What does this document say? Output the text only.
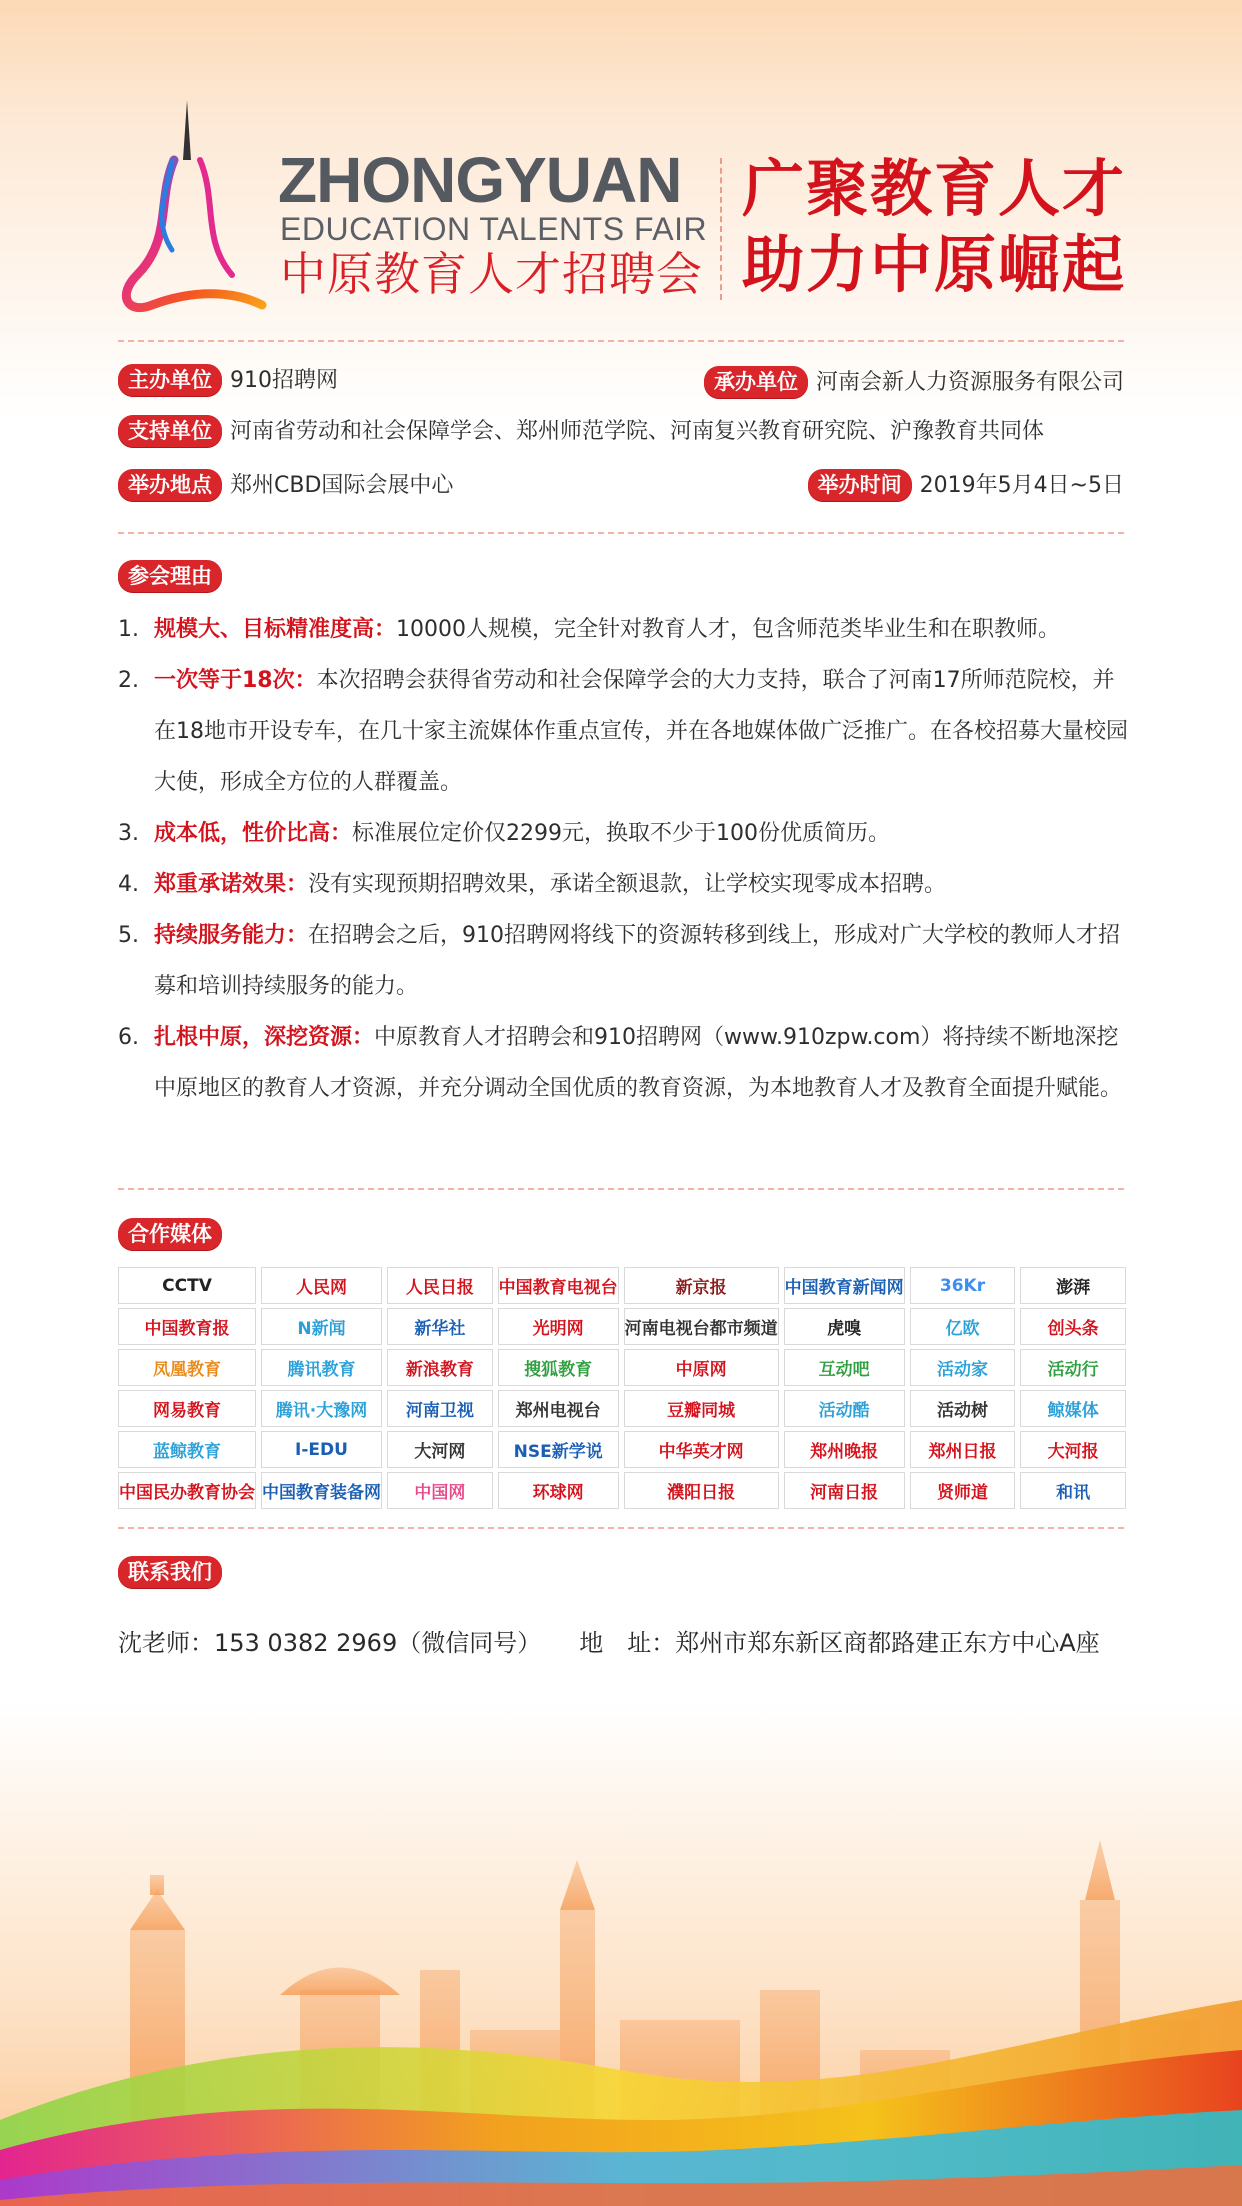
ZHONGYUAN
EDUCATION TALENTS FAIR
中原教育人才招聘会
广聚教育人才
助力中原崛起
主办单位 910招聘网	承办单位 河南会新人力资源服务有限公司
支持单位 河南省劳动和社会保障学会、郑州师范学院、河南复兴教育研究院、沪豫教育共同体
举办地点 郑州CBD国际会展中心	举办时间 2019年5月4日~5日
参会理由
1. 规模大、目标精准度高：10000人规模，完全针对教育人才，包含师范类毕业生和在职教师。
2. 一次等于18次：本次招聘会获得省劳动和社会保障学会的大力支持，联合了河南17所师范院校，并在18地市开设专车，在几十家主流媒体作重点宣传，并在各地媒体做广泛推广。在各校招募大量校园大使，形成全方位的人群覆盖。
3. 成本低，性价比高：标准展位定价仅2299元，换取不少于100份优质简历。
4. 郑重承诺效果：没有实现预期招聘效果，承诺全额退款，让学校实现零成本招聘。
5. 持续服务能力：在招聘会之后，910招聘网将线下的资源转移到线上，形成对广大学校的教师人才招募和培训持续服务的能力。
6. 扎根中原，深挖资源：中原教育人才招聘会和910招聘网（www.910zpw.com）将持续不断地深挖中原地区的教育人才资源，并充分调动全国优质的教育资源，为本地教育人才及教育全面提升赋能。
合作媒体
CCTV	人民网	人民日报	中国教育电视台	新京报	中国教育新闻网	36Kr	澎湃
中国教育报	N新闻	新华社	光明网	河南电视台都市频道	虎嗅	亿欧	创头条
凤凰教育	腾讯教育	新浪教育	搜狐教育	中原网	互动吧	活动家	活动行
网易教育	腾讯·大豫网	河南卫视	郑州电视台	豆瓣同城	活动酷	活动树	鲸媒体
蓝鲸教育	I-EDU	大河网	NSE新学说	中华英才网	郑州晚报	郑州日报	大河报
中国民办教育协会 中国教育装备网	中国网	环球网	濮阳日报	河南日报	贤师道	和讯
联系我们
沈老师：153 0382 2969（微信同号） 地　址：郑州市郑东新区商都路建正东方中心A座
